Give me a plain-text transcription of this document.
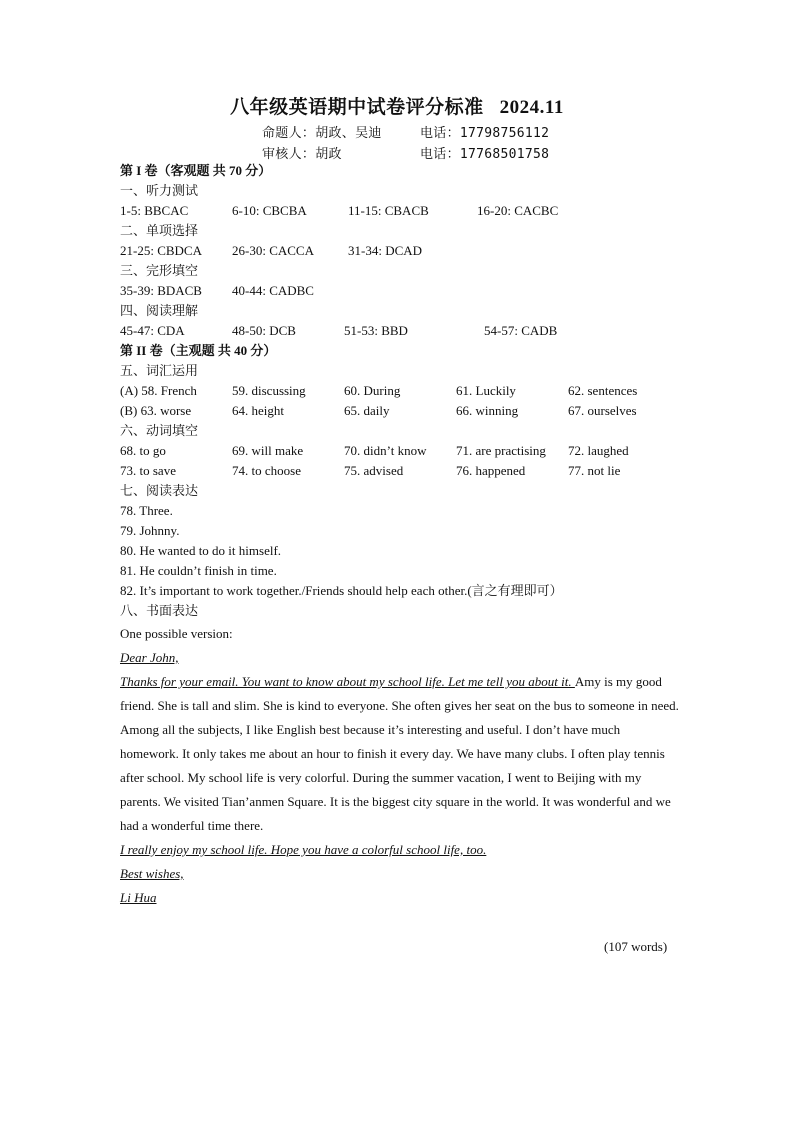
八年级英语期中试卷评分标准 2024.11
命题人：胡政、吴迪	电话：17798756112
审核人：胡政	电话：17768501758
第 I 卷（客观题 共 70 分）
一、听力测试
1-5: BBCAC	6-10: CBCBA	11-15: CBACB	16-20: CACBC
二、单项选择
21-25: CBDCA 26-30: CACCA	31-34: DCAD
三、完形填空
35-39: BDACB 40-44: CADBC
四、阅读理解
45-47: CDA	48-50: DCB	51-53: BBD	54-57: CADB
第 II 卷（主观题 共 40 分）
五、词汇运用
(A) 58. French	59. discussing	60. During	61. Luckily	62. sentences
(B) 63. worse	64. height	65. daily	66. winning	67. ourselves
六、动词填空
68. to go	69. will make	70. didn’t know 71. are practising 72. laughed
73. to save	74. to choose	75. advised	76. happened	77. not lie
七、阅读表达
78. Three.
79. Johnny.
80. He wanted to do it himself.
81. He couldn’t finish in time.
82. It’s important to work together./Friends should help each other.(言之有理即可）
八、书面表达

One possible version:

Dear John,

Thanks for your email. You want to know about my school life. Let me tell you about it. Amy is my good friend. She is tall and slim. She is kind to everyone. She often gives her seat on the bus to someone in need.

Among all the subjects, I like English best because it’s interesting and useful. I don’t have much homework. It only takes me about an hour to finish it every day. We have many clubs. I often play tennis after school. My school life is very colorful. During the summer vacation, I went to Beijing with my parents. We visited Tian’anmen Square. It is the biggest city square in the world. It was wonderful and we had a wonderful time there.

I really enjoy my school life. Hope you have a colorful school life, too.

Best wishes,

Li Hua

(107 words)
